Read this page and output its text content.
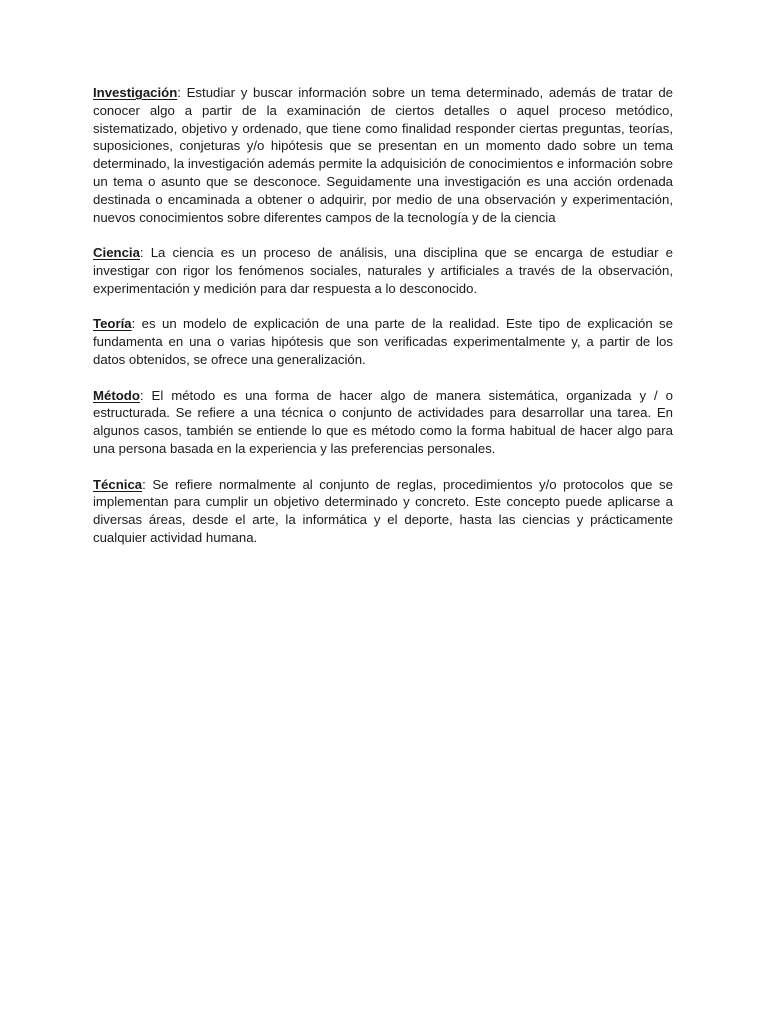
Investigación: Estudiar y buscar información sobre un tema determinado, además de tratar de conocer algo a partir de la examinación de ciertos detalles o aquel proceso metódico, sistematizado, objetivo y ordenado, que tiene como finalidad responder ciertas preguntas, teorías, suposiciones, conjeturas y/o hipótesis que se presentan en un momento dado sobre un tema determinado, la investigación además permite la adquisición de conocimientos e información sobre un tema o asunto que se desconoce. Seguidamente una investigación es una acción ordenada destinada o encaminada a obtener o adquirir, por medio de una observación y experimentación, nuevos conocimientos sobre diferentes campos de la tecnología y de la ciencia

Ciencia: La ciencia es un proceso de análisis, una disciplina que se encarga de estudiar e investigar con rigor los fenómenos sociales, naturales y artificiales a través de la observación, experimentación y medición para dar respuesta a lo desconocido.

Teoría: es un modelo de explicación de una parte de la realidad. Este tipo de explicación se fundamenta en una o varias hipótesis que son verificadas experimentalmente y, a partir de los datos obtenidos, se ofrece una generalización.

Método: El método es una forma de hacer algo de manera sistemática, organizada y / o estructurada. Se refiere a una técnica o conjunto de actividades para desarrollar una tarea. En algunos casos, también se entiende lo que es método como la forma habitual de hacer algo para una persona basada en la experiencia y las preferencias personales.

Técnica: Se refiere normalmente al conjunto de reglas, procedimientos y/o protocolos que se implementan para cumplir un objetivo determinado y concreto. Este concepto puede aplicarse a diversas áreas, desde el arte, la informática y el deporte, hasta las ciencias y prácticamente cualquier actividad humana.
